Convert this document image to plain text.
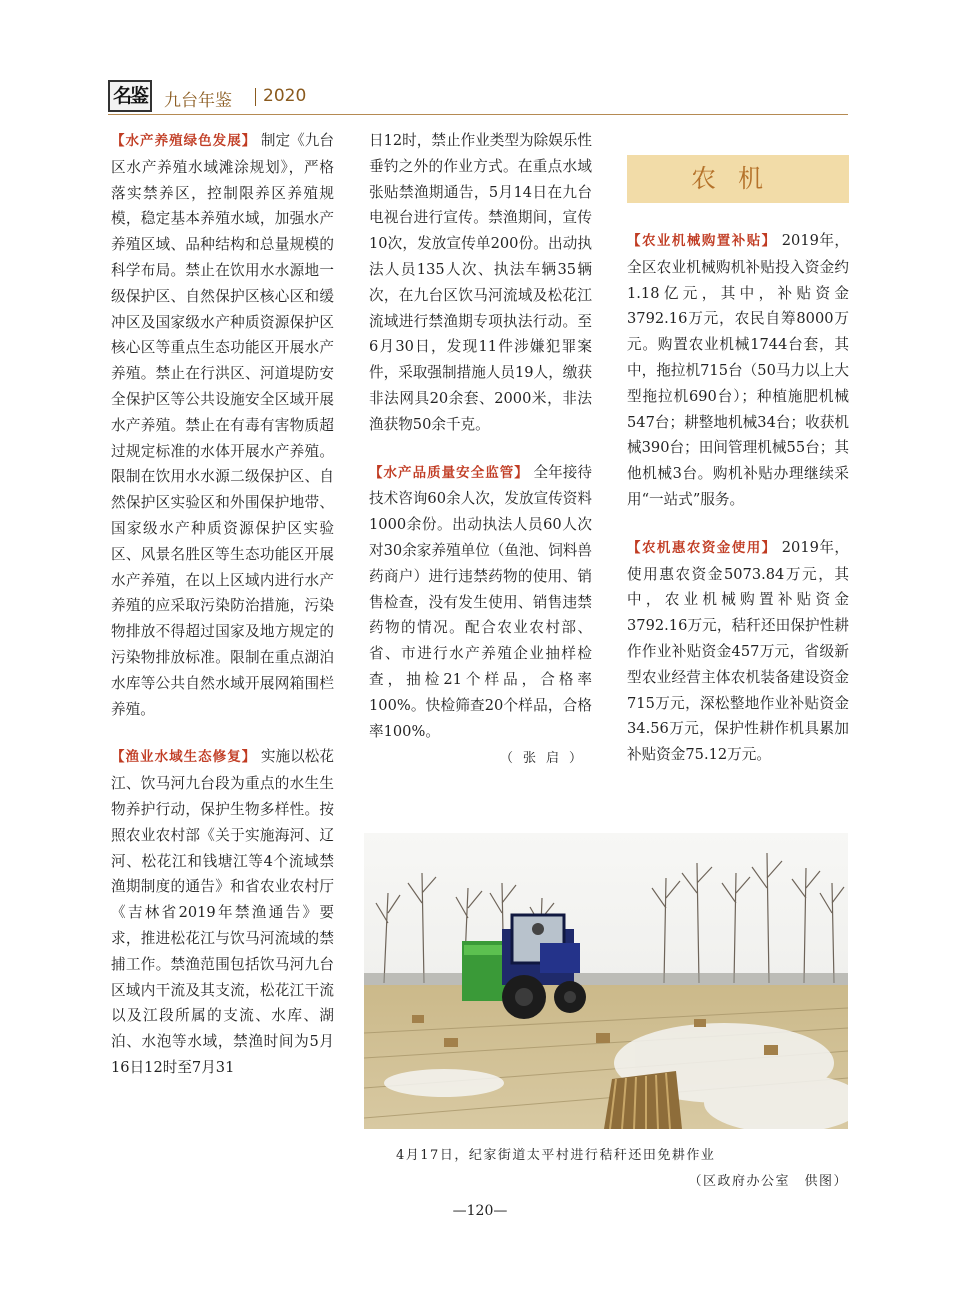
名鉴 九台年鉴 2020

【水产养殖绿色发展】 制定《九台区水产养殖水域滩涂规划》，严格落实禁养区，控制限养区养殖规模，稳定基本养殖水域，加强水产养殖区域、品种结构和总量规模的科学布局。禁止在饮用水水源地一级保护区、自然保护区核心区和缓冲区及国家级水产种质资源保护区核心区等重点生态功能区开展水产养殖。禁止在行洪区、河道堤防安全保护区等公共设施安全区域开展水产养殖。禁止在有毒有害物质超过规定标准的水体开展水产养殖。限制在饮用水水源二级保护区、自然保护区实验区和外围保护地带、国家级水产种质资源保护区实验区、风景名胜区等生态功能区开展水产养殖，在以上区域内进行水产养殖的应采取污染防治措施，污染物排放不得超过国家及地方规定的污染物排放标准。限制在重点湖泊水库等公共自然水域开展网箱围栏养殖。

【渔业水域生态修复】 实施以松花江、饮马河九台段为重点的水生生物养护行动，保护生物多样性。按照农业农村部《关于实施海河、辽河、松花江和钱塘江等4个流域禁渔期制度的通告》和省农业农村厅《吉林省2019年禁渔通告》要求，推进松花江与饮马河流域的禁捕工作。禁渔范围包括饮马河九台区域内干流及其支流，松花江干流以及江段所属的支流、水库、湖泊、水泡等水域，禁渔时间为5月16日12时至7月31

日12时，禁止作业类型为除娱乐性垂钓之外的作业方式。在重点水域张贴禁渔期通告，5月14日在九台电视台进行宣传。禁渔期间，宣传10次，发放宣传单200份。出动执法人员135人次、执法车辆35辆次，在九台区饮马河流域及松花江流域进行禁渔期专项执法行动。至6月30日，发现11件涉嫌犯罪案件，采取强制措施人员19人，缴获非法网具20余套、2000米，非法渔获物50余千克。

【水产品质量安全监管】 全年接待技术咨询60余人次，发放宣传资料1000余份。出动执法人员60人次对30余家养殖单位（鱼池、饲料兽药商户）进行违禁药物的使用、销售检查，没有发生使用、销售违禁药物的情况。配合农业农村部、省、市进行水产养殖企业抽样检查，抽检21个样品，合格率100%。快检筛查20个样品，合格率100%。

（张启）
农机

【农业机械购置补贴】 2019年，全区农业机械购机补贴投入资金约1.18亿元，其中，补贴资金3792.16万元，农民自筹8000万元。购置农业机械1744台套，其中，拖拉机715台（50马力以上大型拖拉机690台）；种植施肥机械547台；耕整地机械34台；收获机械390台；田间管理机械55台；其他机械3台。购机补贴办理继续采用“一站式”服务。

【农机惠农资金使用】 2019年，使用惠农资金5073.84万元，其中，农业机械购置补贴资金3792.16万元，秸秆还田保护性耕作作业补贴资金457万元，省级新型农业经营主体农机装备建设资金715万元，深松整地作业补贴资金34.56万元，保护性耕作机具累加补贴资金75.12万元。

4月17日，纪家街道太平村进行秸秆还田免耕作业
（区政府办公室　供图）
—120—
